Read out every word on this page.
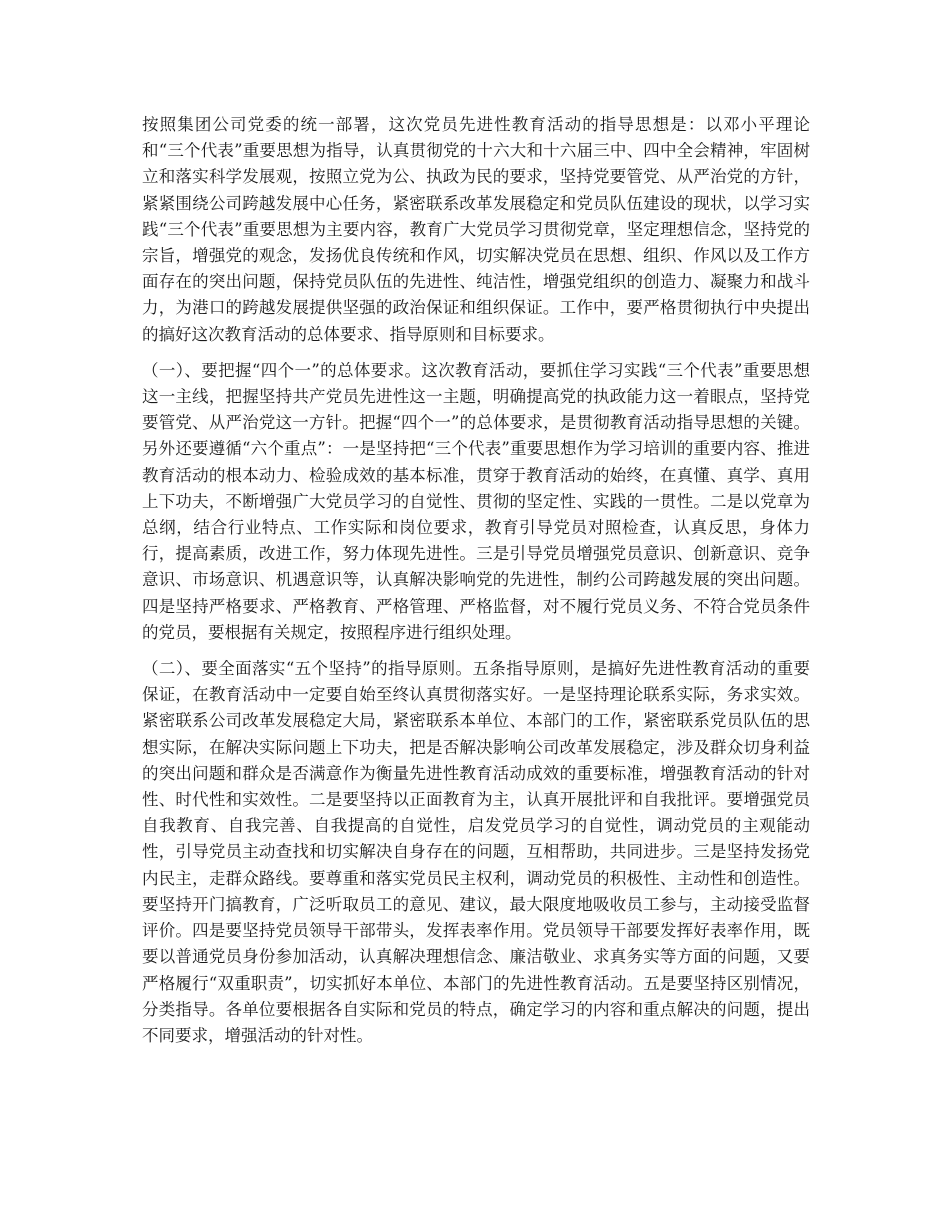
按照集团公司党委的统一部署，这次党员先进性教育活动的指导思想是：以邓小平理论和“三个代表”重要思想为指导，认真贯彻党的十六大和十六届三中、四中全会精神，牢固树立和落实科学发展观，按照立党为公、执政为民的要求，坚持党要管党、从严治党的方针，紧紧围绕公司跨越发展中心任务，紧密联系改革发展稳定和党员队伍建设的现状，以学习实践“三个代表”重要思想为主要内容，教育广大党员学习贯彻党章，坚定理想信念，坚持党的宗旨，增强党的观念，发扬优良传统和作风，切实解决党员在思想、组织、作风以及工作方面存在的突出问题，保持党员队伍的先进性、纯洁性，增强党组织的创造力、凝聚力和战斗力，为港口的跨越发展提供坚强的政治保证和组织保证。工作中，要严格贯彻执行中央提出的搞好这次教育活动的总体要求、指导原则和目标要求。

（一）、要把握“四个一”的总体要求。这次教育活动，要抓住学习实践“三个代表”重要思想这一主线，把握坚持共产党员先进性这一主题，明确提高党的执政能力这一着眼点，坚持党要管党、从严治党这一方针。把握“四个一”的总体要求，是贯彻教育活动指导思想的关键。另外还要遵循“六个重点”：一是坚持把“三个代表”重要思想作为学习培训的重要内容、推进教育活动的根本动力、检验成效的基本标准，贯穿于教育活动的始终，在真懂、真学、真用上下功夫，不断增强广大党员学习的自觉性、贯彻的坚定性、实践的一贯性。二是以党章为总纲，结合行业特点、工作实际和岗位要求，教育引导党员对照检查，认真反思，身体力行，提高素质，改进工作，努力体现先进性。三是引导党员增强党员意识、创新意识、竞争意识、市场意识、机遇意识等，认真解决影响党的先进性，制约公司跨越发展的突出问题。四是坚持严格要求、严格教育、严格管理、严格监督，对不履行党员义务、不符合党员条件的党员，要根据有关规定，按照程序进行组织处理。

（二）、要全面落实“五个坚持”的指导原则。五条指导原则，是搞好先进性教育活动的重要保证，在教育活动中一定要自始至终认真贯彻落实好。一是坚持理论联系实际，务求实效。紧密联系公司改革发展稳定大局，紧密联系本单位、本部门的工作，紧密联系党员队伍的思想实际，在解决实际问题上下功夫，把是否解决影响公司改革发展稳定，涉及群众切身利益的突出问题和群众是否满意作为衡量先进性教育活动成效的重要标准，增强教育活动的针对性、时代性和实效性。二是要坚持以正面教育为主，认真开展批评和自我批评。要增强党员自我教育、自我完善、自我提高的自觉性，启发党员学习的自觉性，调动党员的主观能动性，引导党员主动查找和切实解决自身存在的问题，互相帮助，共同进步。三是坚持发扬党内民主，走群众路线。要尊重和落实党员民主权利，调动党员的积极性、主动性和创造性。要坚持开门搞教育，广泛听取员工的意见、建议，最大限度地吸收员工参与，主动接受监督评价。四是要坚持党员领导干部带头，发挥表率作用。党员领导干部要发挥好表率作用，既要以普通党员身份参加活动，认真解决理想信念、廉洁敬业、求真务实等方面的问题，又要严格履行“双重职责”，切实抓好本单位、本部门的先进性教育活动。五是要坚持区别情况，分类指导。各单位要根据各自实际和党员的特点，确定学习的内容和重点解决的问题，提出不同要求，增强活动的针对性。
